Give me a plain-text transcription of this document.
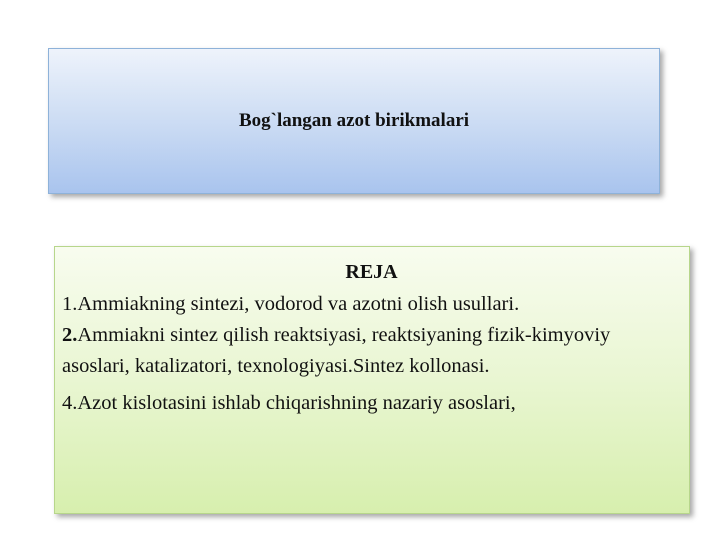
Bog`langan azot birikmalari
REJA

1.Ammiakning sintezi, vodorod va azotni olish usullari.

2.Ammiakni sintez qilish reaktsiyasi, reaktsiyaning fizik-kimyoviy asoslari, katalizatori, texnologiyasi.Sintez kollonasi.

4.Azot kislotasini ishlab chiqarishning nazariy asoslari,
